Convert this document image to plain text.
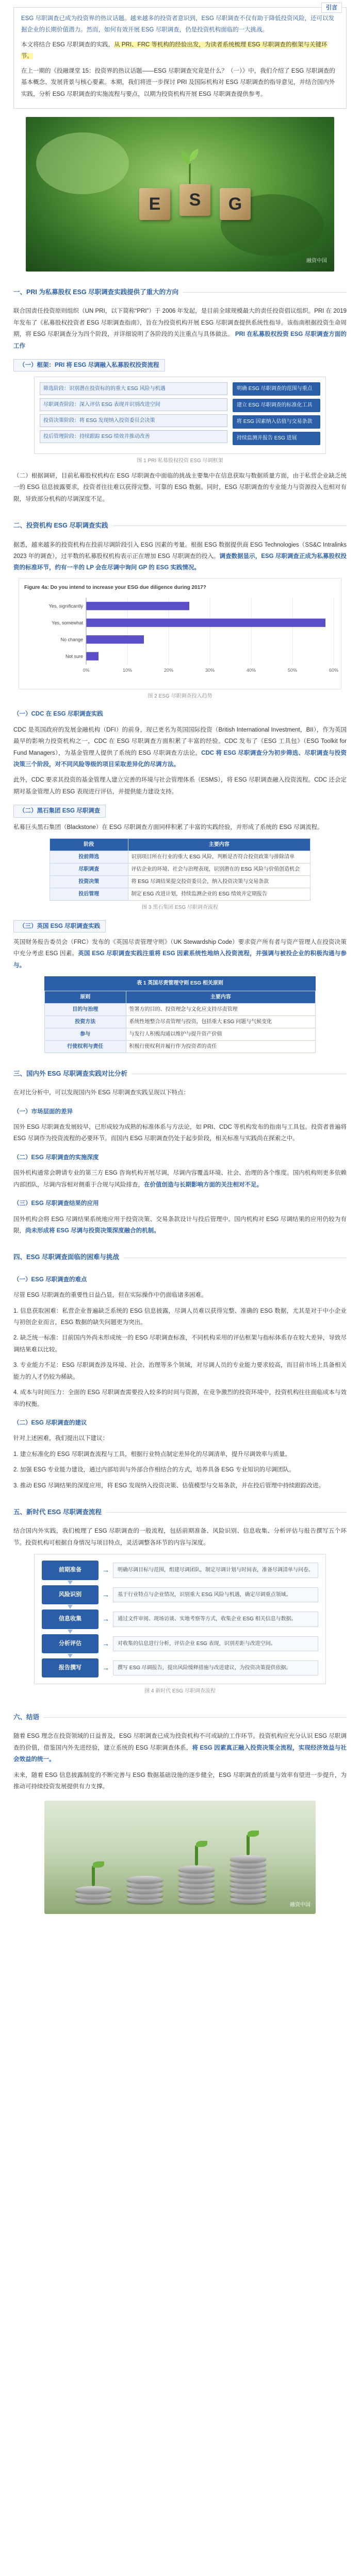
引言

ESG 尽职调查已成为投资界的热议话题。越来越多的投资者意识到，ESG 尽职调查不仅有助于降低投资风险，还可以发掘企业的长期价值潜力。然而，如何有效开展 ESG 尽职调查，仍是投资机构面临的一大挑战。

本文将结合 ESG 尽职调查的实践，从 PRI、FRC 等机构的经验出发，为读者系统梳理 ESG 尽职调查的框架与关键环节。

在上一期的《投融课堂 15：投资界的热议话题——ESG 尽职调查究竟是什么？（一）》中，我们介绍了 ESG 尽职调查的基本概念、发展背景与核心要素。本期，我们将进一步探讨 PRI 及国际机构对 ESG 尽职调查的指导意见，并结合国内外实践，分析 ESG 尽职调查的实施流程与要点，以期为投资机构开展 ESG 尽职调查提供参考。

E	S	G
融资中国
一、PRI 为私募股权 ESG 尽职调查实践提供了重大的方向

联合国责任投资原则组织（UN PRI，以下简称“PRI”）于 2006 年发起，是目前全球规模最大的责任投资倡议组织。PRI 在 2019 年发布了《私募股权投资者 ESG 尽职调查指南》，旨在为投资机构开展 ESG 尽职调查提供系统性指导。该指南根据投资生命周期，将 ESG 尽职调查分为四个阶段，并详细说明了各阶段的关注重点与具体做法。 PRI 在私募股权投资 ESG 尽职调查方面的工作

（一）框架：PRI 将 ESG 尽调融入私募股权投资流程
筛选阶段：识别潜在投资标的的重大 ESG 风险与机遇
尽职调查阶段：深入评估 ESG 表现并识别改进空间
投资决策阶段：将 ESG 发现纳入投资委员会决策
投后管理阶段：持续跟踪 ESG 绩效并推动改善
明确 ESG 尽职调查的范围与重点
建立 ESG 尽职调查的标准化工具
将 ESG 因素纳入估值与交易条款
持续监测并报告 ESG 进展
图 1 PRI 私募股权投资 ESG 尽调框架

（二）根据调研，目前私募股权机构在 ESG 尽职调查中面临的挑战主要集中在信息获取与数据质量方面，由于私营企业缺乏统一的 ESG 信息披露要求，投资者往往难以获得完整、可靠的 ESG 数据。同时，ESG 尽职调查的专业能力与资源投入也相对有限，导致部分机构的尽调深度不足。

二、投资机构 ESG 尽职调查实践

据悉，越来越多的投资机构在投前尽调阶段引入 ESG 因素的考量。根据 ESG 数据提供商 ESG Technologies（SS&C Intralinks 2023 年的调查），过半数的私募股权机构表示正在增加 ESG 尽职调查的投入。调查数据显示，ESG 尽职调查正成为私募股权投资的标准环节，约有一半的 LP 会在尽调中询问 GP 的 ESG 实践情况。

Figure 4a: Do you intend to increase your ESG due diligence during 2017?
0%	10%	20%	30%	40%	50%	60%
Yes, significantly
Yes, somewhat
No change
Not sure
图 2 ESG 尽职调查投入趋势
（一）CDC 在 ESG 尽职调查实践

CDC 是英国政府的发展金融机构（DFI）的前身，现已更名为英国国际投资（British International Investment，BII），作为英国最早的影响力投资机构之一，CDC 在 ESG 尽职调查方面积累了丰富的经验。CDC 发布了《ESG 工具包》（ESG Toolkit for Fund Managers），为基金管理人提供了系统的 ESG 尽职调查方法论。CDC 将 ESG 尽职调查分为初步筛选、尽职调查与投资决策三个阶段，对不同风险等级的项目采取差异化的尽调方法。

此外，CDC 要求其投资的基金管理人建立完善的环境与社会管理体系（ESMS），将 ESG 尽职调查融入投资流程。CDC 还会定期对基金管理人的 ESG 表现进行评估，并提供能力建设支持。

（二）黑石集团 ESG 尽职调查

私募巨头黑石集团（Blackstone）在 ESG 尽职调查方面同样积累了丰富的实践经验，并形成了系统的 ESG 尽调流程。

阶段	主要内容
投前筛选	识别项目所在行业的重大 ESG 风险，判断是否符合投资政策与排除清单
尽职调查	评估企业的环境、社会与治理表现，识别潜在的 ESG 风险与价值创造机会
投资决策	将 ESG 尽调结果提交投资委员会，纳入投资决策与交易条款
投后管理	制定 ESG 改进计划，持续监测企业的 ESG 绩效并定期报告
图 3 黑石集团 ESG 尽职调查流程
（三）英国 ESG 尽职调查实践

英国财务报告委员会（FRC）发布的《英国尽责管理守则》（UK Stewardship Code）要求资产所有者与资产管理人在投资决策中充分考虑 ESG 因素。英国 ESG 尽职调查实践注重将 ESG 因素系统性地纳入投资流程，并强调与被投企业的积极沟通与参与。

表 1 英国尽责管理守则 ESG 相关原则
原则	主要内容
目的与治理	签署方的目的、投资理念与文化应支持尽责管理
投资方法	系统性地整合尽责管理与投资，包括重大 ESG 问题与气候变化
参与	与发行人积极沟通以维护与提升资产价值
行使权利与责任	积极行使权利并履行作为投资者的责任
三、国内外 ESG 尽职调查实践对比分析

在对比分析中，可以发现国内外 ESG 尽职调查实践呈现以下特点：

（一）市场层面的差异

国外 ESG 尽职调查发展较早，已形成较为成熟的标准体系与方法论，如 PRI、CDC 等机构发布的指南与工具包。投资者普遍将 ESG 尽调作为投资流程的必要环节。而国内 ESG 尽职调查仍处于起步阶段，相关标准与实践尚在探索之中。

（二）ESG 尽职调查的实施深度

国外机构通常会聘请专业的第三方 ESG 咨询机构开展尽调，尽调内容覆盖环境、社会、治理的各个维度。国内机构则更多依赖内部团队，尽调内容相对侧重于合规与风险排查，在价值创造与长期影响方面的关注相对不足。

（三）ESG 尽职调查结果的应用

国外机构会将 ESG 尽调结果系统地应用于投资决策、交易条款设计与投后管理中。国内机构对 ESG 尽调结果的应用仍较为有限，尚未形成将 ESG 尽调与投资决策深度融合的机制。

四、ESG 尽职调查面临的困难与挑战
（一）ESG 尽职调查的难点

尽管 ESG 尽职调查的重要性日益凸显，但在实际操作中仍面临诸多困难。

1. 信息获取困难：私营企业普遍缺乏系统的 ESG 信息披露，尽调人员难以获得完整、准确的 ESG 数据，尤其是对于中小企业与初创企业而言，ESG 数据的缺失问题更为突出。

2. 缺乏统一标准：目前国内外尚未形成统一的 ESG 尽职调查标准，不同机构采用的评估框架与指标体系存在较大差异，导致尽调结果难以比较。

3. 专业能力不足：ESG 尽职调查涉及环境、社会、治理等多个领域，对尽调人员的专业能力要求较高，而目前市场上具备相关能力的人才仍较为稀缺。

4. 成本与时间压力：全面的 ESG 尽职调查需要投入较多的时间与资源，在竞争激烈的投资环境中，投资机构往往面临成本与效率的权衡。

（二）ESG 尽职调查的建议

针对上述困难，我们提出以下建议：

1. 建立标准化的 ESG 尽职调查流程与工具，根据行业特点制定差异化的尽调清单，提升尽调效率与质量。

2. 加强 ESG 专业能力建设，通过内部培训与外部合作相结合的方式，培养具备 ESG 专业知识的尽调团队。

3. 推动 ESG 尽调结果的深度应用，将 ESG 发现纳入投资决策、估值模型与交易条款，并在投后管理中持续跟踪改进。

五、新时代 ESG 尽职调查流程

结合国内外实践，我们梳理了 ESG 尽职调查的一般流程，包括前期准备、风险识别、信息收集、分析评估与报告撰写五个环节。投资机构可根据自身情况与项目特点，灵活调整各环节的内容与深度。

前期准备	→	明确尽调目标与范围，组建尽调团队，制定尽调计划与时间表，准备尽调清单与问卷。
风险识别	→	基于行业特点与企业情况，识别重大 ESG 风险与机遇，确定尽调重点领域。
信息收集	→	通过文件审阅、现场访谈、实地考察等方式，收集企业 ESG 相关信息与数据。
分析评估	→	对收集的信息进行分析，评估企业 ESG 表现，识别差距与改进空间。
报告撰写	→	撰写 ESG 尽调报告，提出风险缓释措施与改进建议，为投资决策提供依据。
图 4 新时代 ESG 尽职调查流程
六、结语

随着 ESG 理念在投资领域的日益普及，ESG 尽职调查已成为投资机构不可或缺的工作环节。投资机构应充分认识 ESG 尽职调查的价值，借鉴国内外先进经验，建立系统的 ESG 尽职调查体系，将 ESG 因素真正融入投资决策全流程，实现经济效益与社会效益的统一。

未来，随着 ESG 信息披露制度的不断完善与 ESG 数据基础设施的逐步健全，ESG 尽职调查的质量与效率有望进一步提升，为推动可持续投资发展提供有力支撑。

融资中国
